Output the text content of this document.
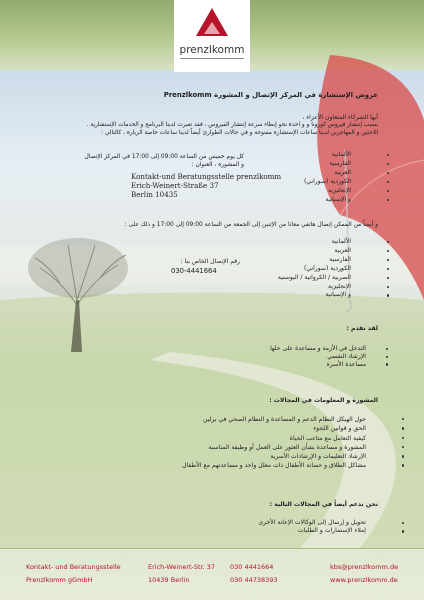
prenzlkomm
عروض الإستشارة في المركز الإتصال و المشورة Prenzlkomm
أيها الشركاء المتعاون الأعزاء ،
بسبب إنتشار فيروس كورونا و و احدة نحو إبطاء سرعة إنتشار الفيروس ، فقد تغيرت لدينا البرنامج و الخدمات الإستشارية .
للاجئين و المهاجرين لدينا ساعات الإستشارة مفتوحة و في حالات الطوارئ أيضاً لدينا ساعات خاصة الزيارة ، كالتالي :
الألمانية
الفارسية
العربية
الكوردية (سوراني)
الإنجليزية
و الإسبانية
كل يوم خميس من الساعة 09:00 إلى 17:00 في المركز الإتصال
و المشورة ، العنوان :
Kontakt-und Beratungsstelle prenzlkomm
Erich-Weinert-Straße 37
Berlin 10435
و أيضاً من الممكن إتصال هاتفي معانا من الإثنين إلى الجمعة من الساعة 09:00 إلى 17:00 و ذلك على :
الألمانية
العربية
الفارسية
الكوردية (سوراني)
الصربية / الكرواتية / البوسنية
الإنجليزية
و الإسبانية
رقم الإتصال الخاص بنا :
030-4441664
لقد نقدم :
التدخل في الأزمة و مساعدة على حلها
الإرشاد النفسي
مساعدة الأسرة
المشورة و المعلومات في المجالات :
حول الهيكل النظام الدعم و المساعدة و النظام الصحي في برلين
الحق و قوانين اللجوء
كيفية التعامل مع متاعب الحياة
المشورة و مساعدة بشأن العثور على العمل أو وظيفة المناسبة
الإرشاد التعليمات و الإرشادات الأسرية
مشاكل الطلاق و حضانة الأطفال ذات معلل واحد و مساعدتهم مع الأطفال
نحن ندعم أيضاً في المجالات التالية :
تحويل و إرسال إلى الوكالات الإعانة الأخرى
إملاء الإستمارات و الطلبات
Kontakt- und Beratungsstelle
Prenzlkomm gGmbH
Erich-Weinert-Str. 37
10439 Berlin
030 4441664
030 44738393
kbs@prenzlkomm.de
www.prenzlkomm.de
